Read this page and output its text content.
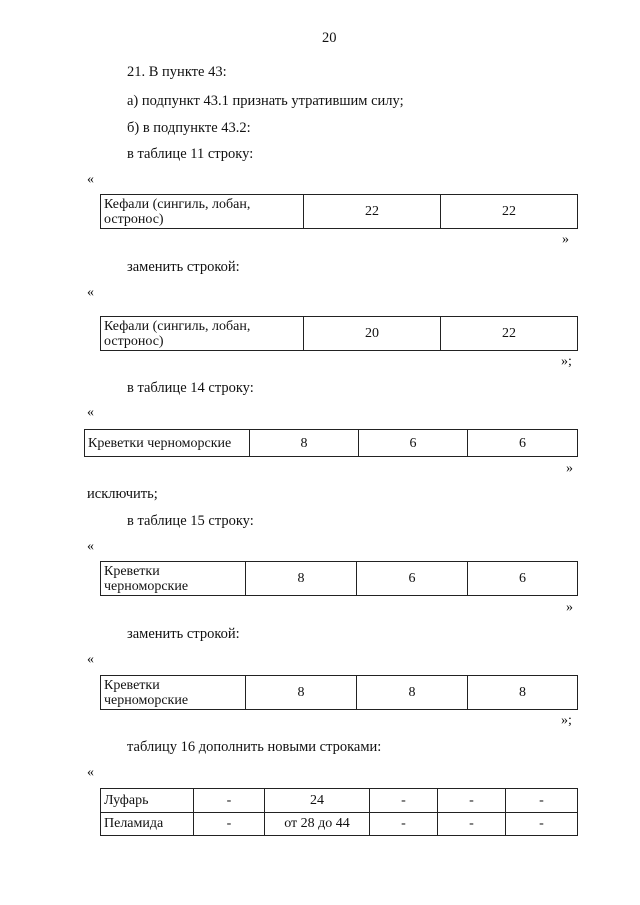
20
21. В пункте 43:
а) подпункт 43.1 признать утратившим силу;
б) в подпункте 43.2:
в таблице 11 строку:
«
Кефали (сингиль, лобан, остронос)	22	22
»
заменить строкой:
«
Кефали (сингиль, лобан, остронос)	20	22
»;
в таблице 14 строку:
«
Креветки черноморские	8	6	6
»
исключить;
в таблице 15 строку:
«
Креветки черноморские	8	6	6
»
заменить строкой:
«
Креветки черноморские	8	8	8
»;
таблицу 16 дополнить новыми строками:
«
Луфарь	-	24	-	-	-
Пеламида	-	от 28 до 44	-	-	-
